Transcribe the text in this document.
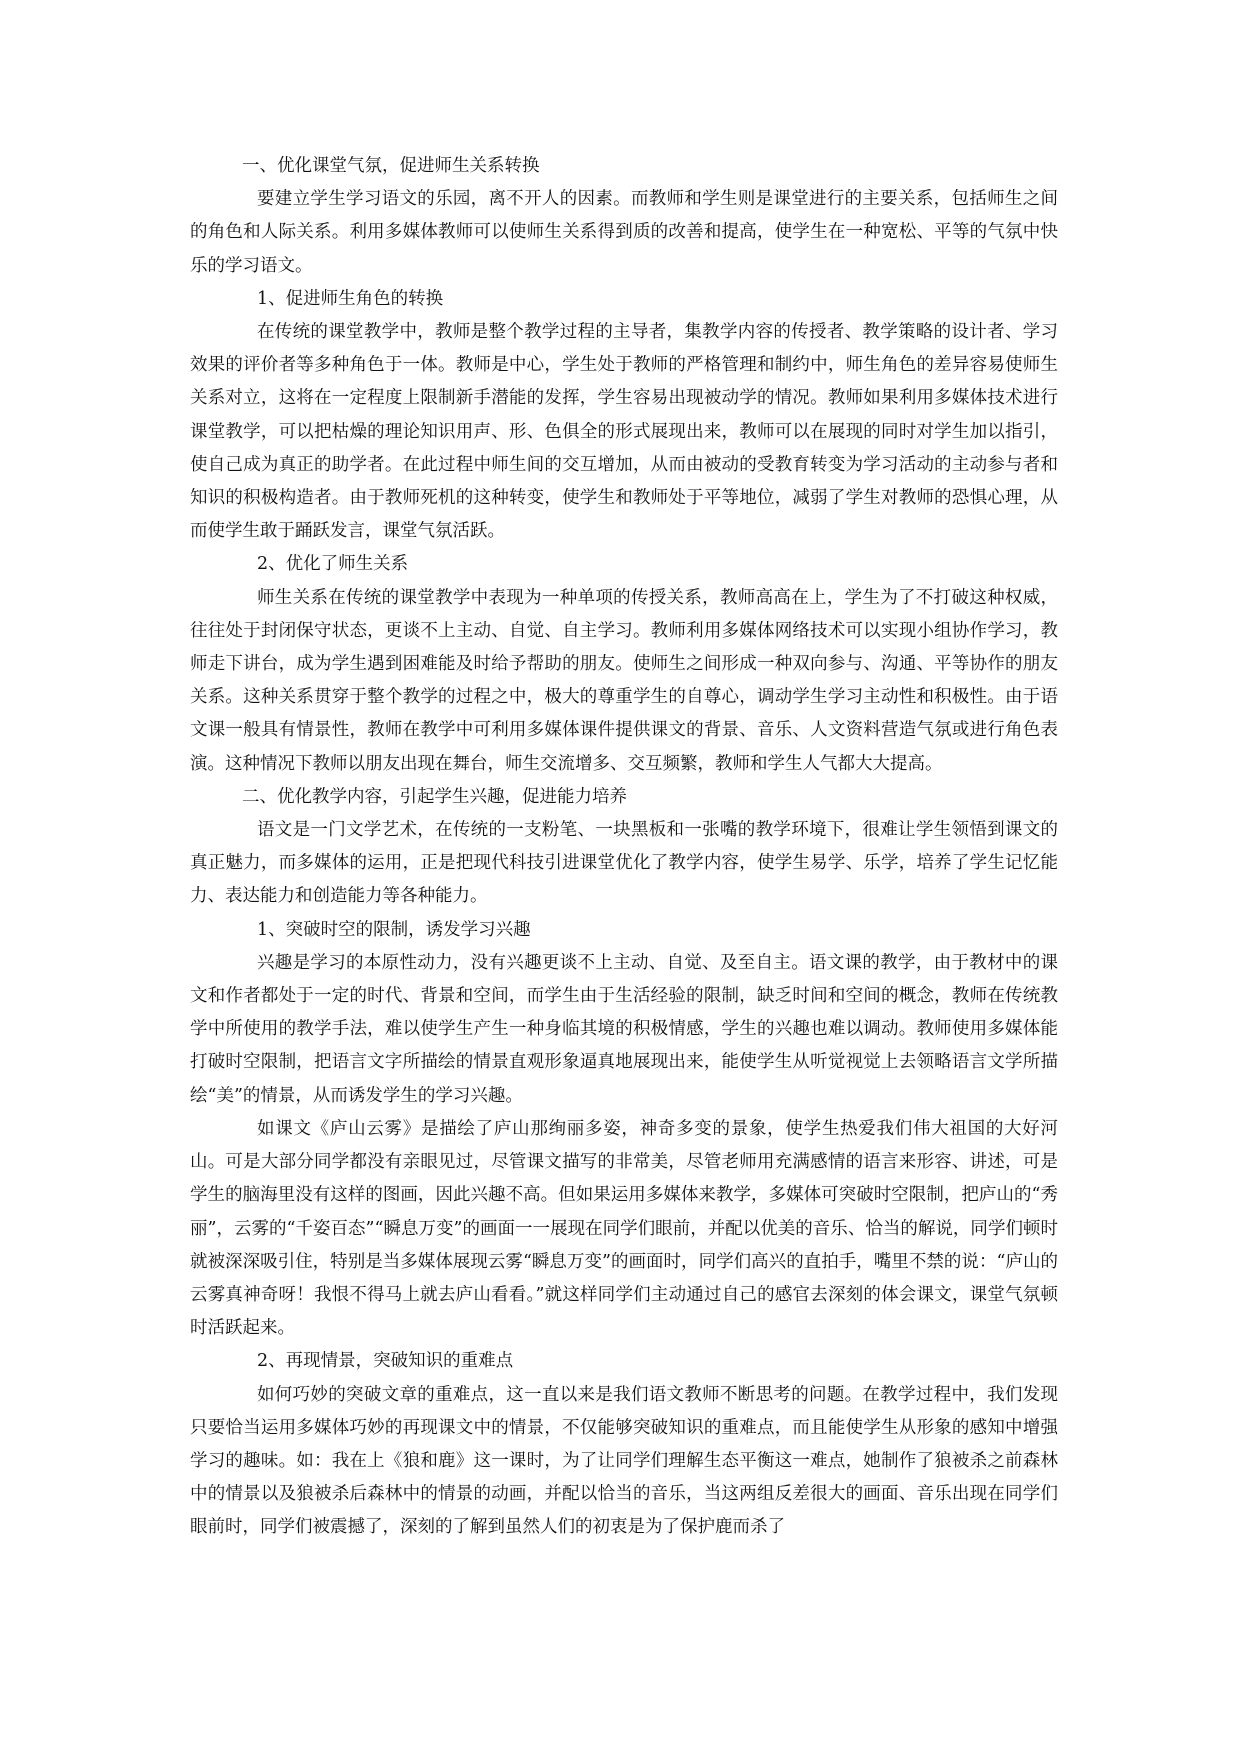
一、优化课堂气氛，促进师生关系转换

要建立学生学习语文的乐园，离不开人的因素。而教师和学生则是课堂进行的主要关系，包括师生之间的角色和人际关系。利用多媒体教师可以使师生关系得到质的改善和提高，使学生在一种宽松、平等的气氛中快乐的学习语文。

1、促进师生角色的转换

在传统的课堂教学中，教师是整个教学过程的主导者，集教学内容的传授者、教学策略的设计者、学习效果的评价者等多种角色于一体。教师是中心，学生处于教师的严格管理和制约中，师生角色的差异容易使师生关系对立，这将在一定程度上限制新手潜能的发挥，学生容易出现被动学的情况。教师如果利用多媒体技术进行课堂教学，可以把枯燥的理论知识用声、形、色俱全的形式展现出来，教师可以在展现的同时对学生加以指引，使自己成为真正的助学者。在此过程中师生间的交互增加，从而由被动的受教育转变为学习活动的主动参与者和知识的积极构造者。由于教师死机的这种转变，使学生和教师处于平等地位，减弱了学生对教师的恐惧心理，从而使学生敢于踊跃发言，课堂气氛活跃。

2、优化了师生关系

师生关系在传统的课堂教学中表现为一种单项的传授关系，教师高高在上，学生为了不打破这种权威，往往处于封闭保守状态，更谈不上主动、自觉、自主学习。教师利用多媒体网络技术可以实现小组协作学习，教师走下讲台，成为学生遇到困难能及时给予帮助的朋友。使师生之间形成一种双向参与、沟通、平等协作的朋友关系。这种关系贯穿于整个教学的过程之中，极大的尊重学生的自尊心，调动学生学习主动性和积极性。由于语文课一般具有情景性，教师在教学中可利用多媒体课件提供课文的背景、音乐、人文资料营造气氛或进行角色表演。这种情况下教师以朋友出现在舞台，师生交流增多、交互频繁，教师和学生人气都大大提高。

二、优化教学内容，引起学生兴趣，促进能力培养

语文是一门文学艺术，在传统的一支粉笔、一块黑板和一张嘴的教学环境下，很难让学生领悟到课文的真正魅力，而多媒体的运用，正是把现代科技引进课堂优化了教学内容，使学生易学、乐学，培养了学生记忆能力、表达能力和创造能力等各种能力。

1、突破时空的限制，诱发学习兴趣

兴趣是学习的本原性动力，没有兴趣更谈不上主动、自觉、及至自主。语文课的教学，由于教材中的课文和作者都处于一定的时代、背景和空间，而学生由于生活经验的限制，缺乏时间和空间的概念，教师在传统教学中所使用的教学手法，难以使学生产生一种身临其境的积极情感，学生的兴趣也难以调动。教师使用多媒体能打破时空限制，把语言文字所描绘的情景直观形象逼真地展现出来，能使学生从听觉视觉上去领略语言文学所描绘“美”的情景，从而诱发学生的学习兴趣。

如课文《庐山云雾》是描绘了庐山那绚丽多姿，神奇多变的景象，使学生热爱我们伟大祖国的大好河山。可是大部分同学都没有亲眼见过，尽管课文描写的非常美，尽管老师用充满感情的语言来形容、讲述，可是学生的脑海里没有这样的图画，因此兴趣不高。但如果运用多媒体来教学，多媒体可突破时空限制，把庐山的“秀丽”，云雾的“千姿百态”“瞬息万变”的画面一一展现在同学们眼前，并配以优美的音乐、恰当的解说，同学们顿时就被深深吸引住，特别是当多媒体展现云雾“瞬息万变”的画面时，同学们高兴的直拍手，嘴里不禁的说：“庐山的云雾真神奇呀！我恨不得马上就去庐山看看。”就这样同学们主动通过自己的感官去深刻的体会课文，课堂气氛顿时活跃起来。

2、再现情景，突破知识的重难点

如何巧妙的突破文章的重难点，这一直以来是我们语文教师不断思考的问题。在教学过程中，我们发现只要恰当运用多媒体巧妙的再现课文中的情景，不仅能够突破知识的重难点，而且能使学生从形象的感知中增强学习的趣味。如：我在上《狼和鹿》这一课时，为了让同学们理解生态平衡这一难点，她制作了狼被杀之前森林中的情景以及狼被杀后森林中的情景的动画，并配以恰当的音乐，当这两组反差很大的画面、音乐出现在同学们眼前时，同学们被震撼了，深刻的了解到虽然人们的初衷是为了保护鹿而杀了
